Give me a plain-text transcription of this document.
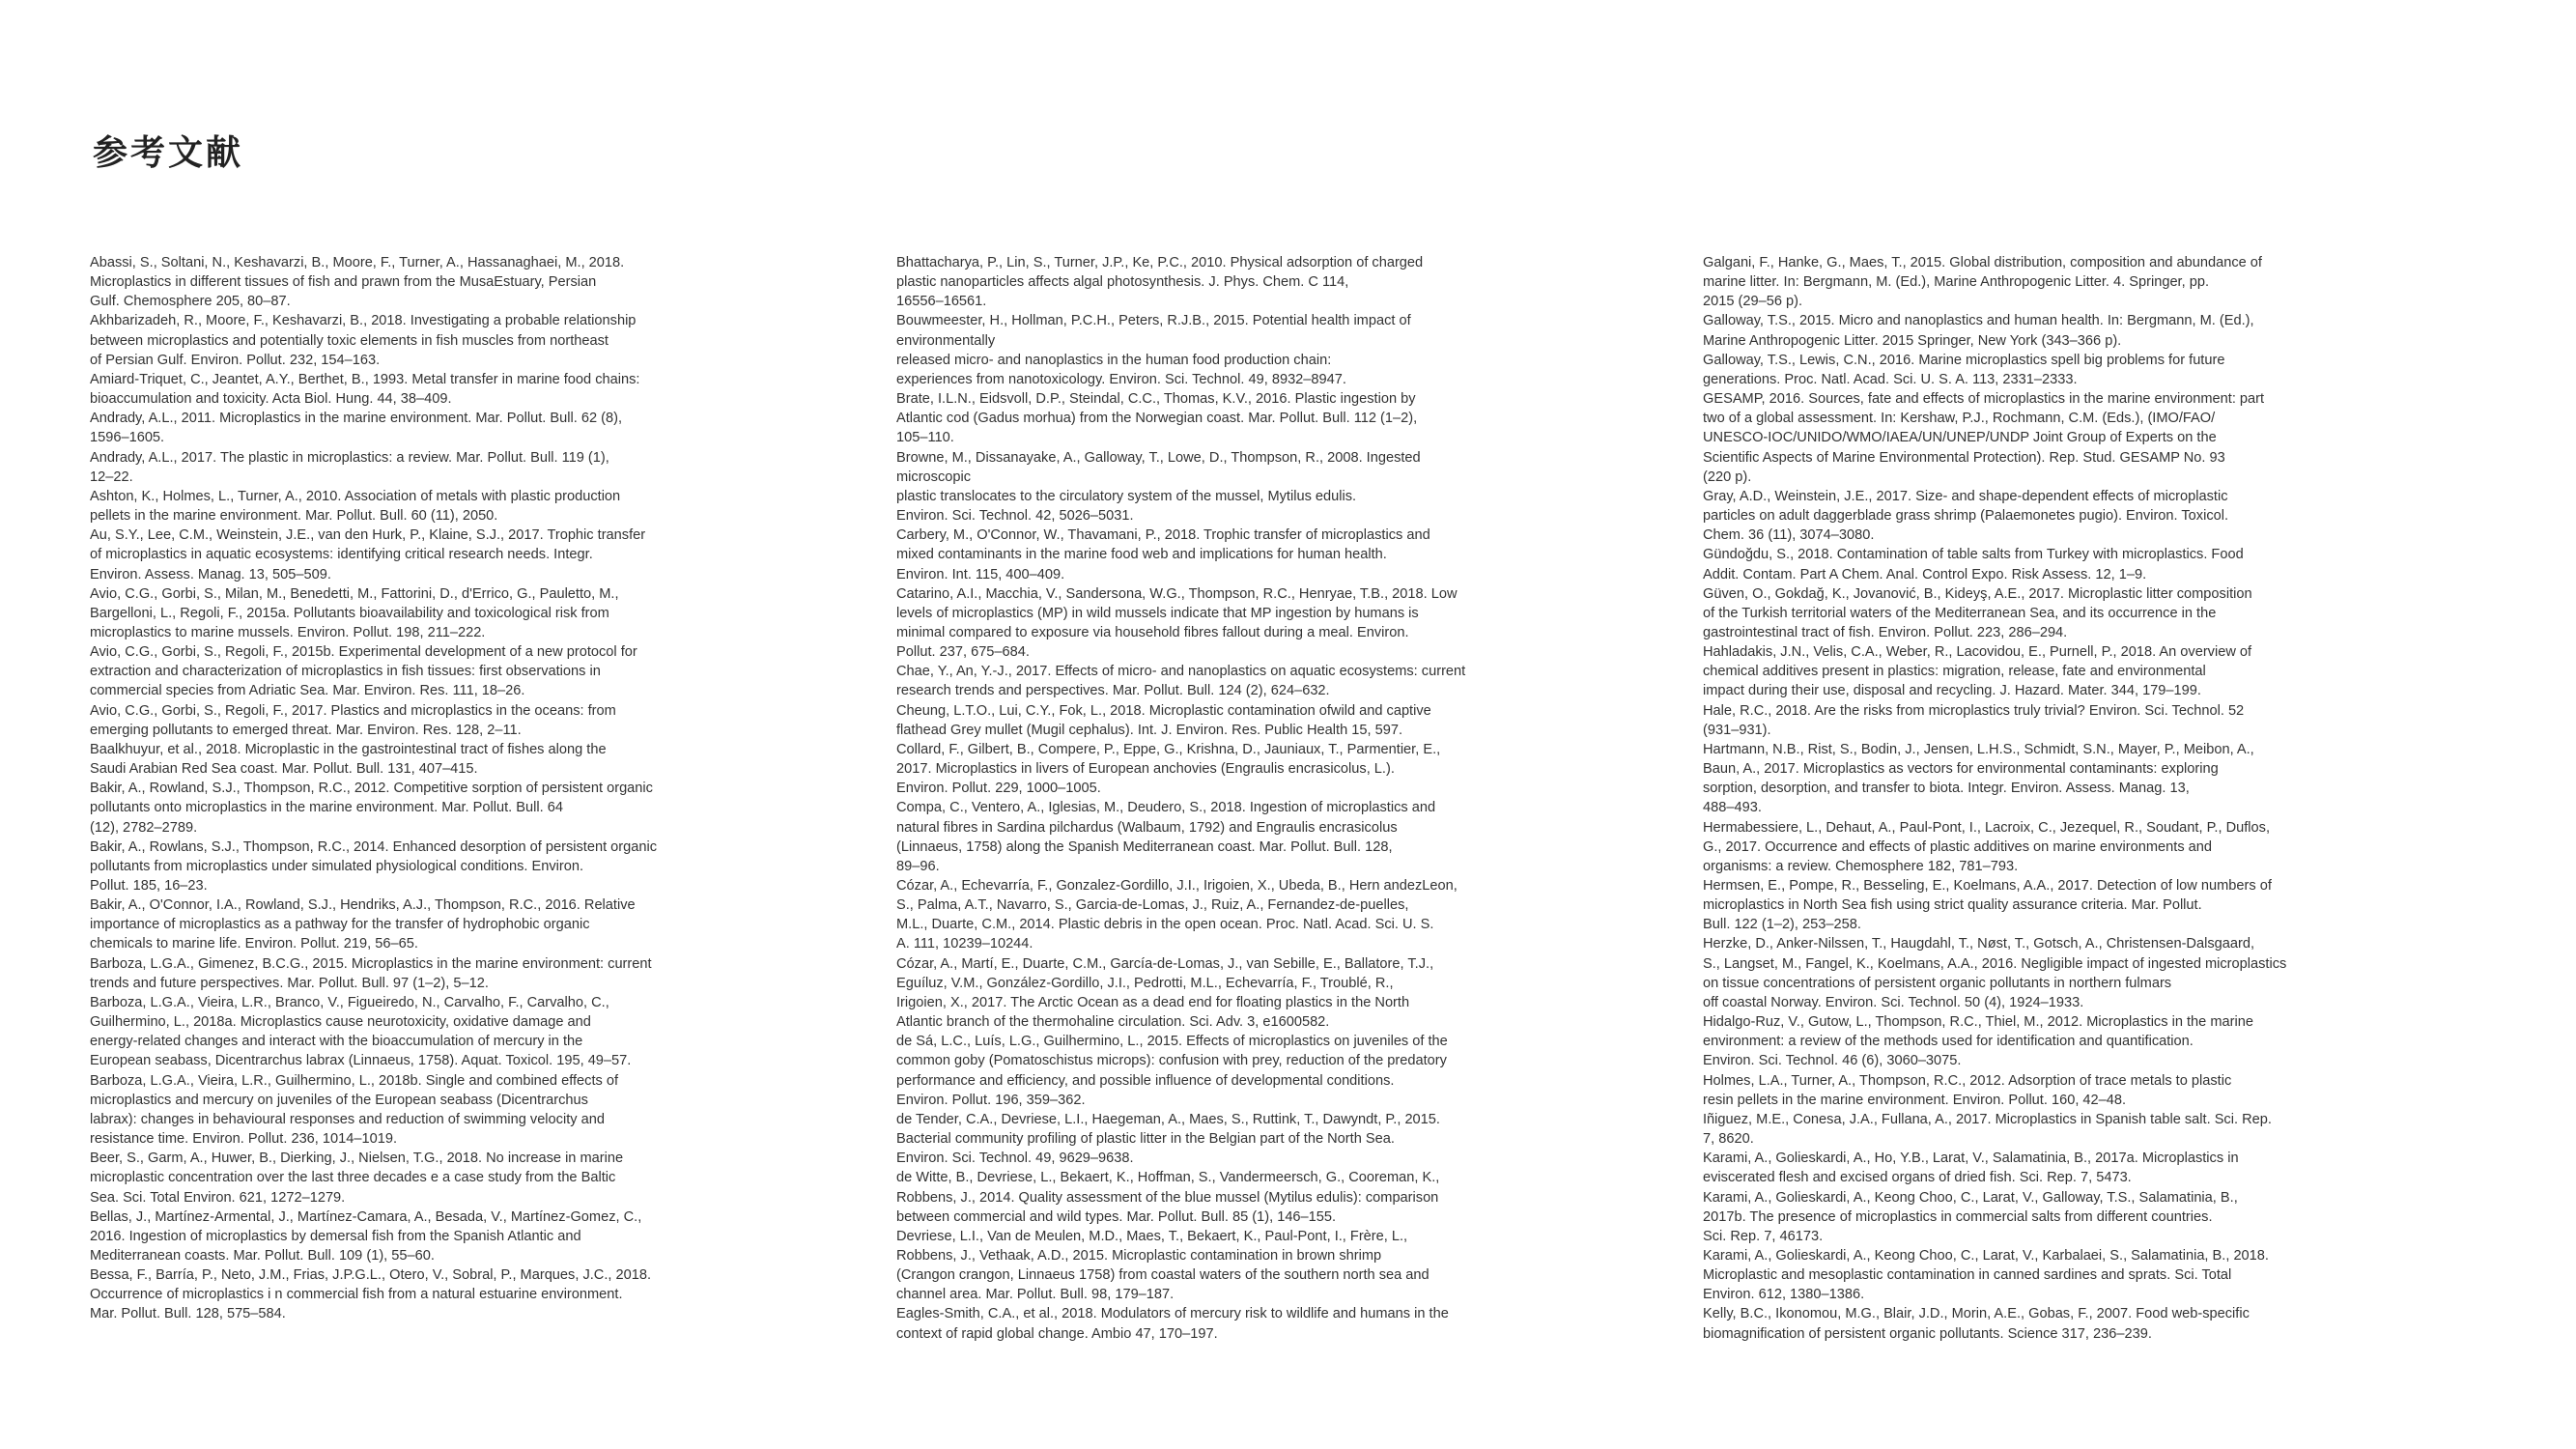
参考文献
Abassi, S., Soltani, N., Keshavarzi, B., Moore, F., Turner, A., Hassanaghaei, M., 2018.
Microplastics in different tissues of fish and prawn from the MusaEstuary, Persian
Gulf. Chemosphere 205, 80–87.
Akhbarizadeh, R., Moore, F., Keshavarzi, B., 2018. Investigating a probable relationship
between microplastics and potentially toxic elements in fish muscles from northeast
of Persian Gulf. Environ. Pollut. 232, 154–163.
Amiard-Triquet, C., Jeantet, A.Y., Berthet, B., 1993. Metal transfer in marine food chains:
bioaccumulation and toxicity. Acta Biol. Hung. 44, 38–409.
Andrady, A.L., 2011. Microplastics in the marine environment. Mar. Pollut. Bull. 62 (8),
1596–1605.
Andrady, A.L., 2017. The plastic in microplastics: a review. Mar. Pollut. Bull. 119 (1),
12–22.
Ashton, K., Holmes, L., Turner, A., 2010. Association of metals with plastic production
pellets in the marine environment. Mar. Pollut. Bull. 60 (11), 2050.
Au, S.Y., Lee, C.M., Weinstein, J.E., van den Hurk, P., Klaine, S.J., 2017. Trophic transfer
of microplastics in aquatic ecosystems: identifying critical research needs. Integr.
Environ. Assess. Manag. 13, 505–509.
Avio, C.G., Gorbi, S., Milan, M., Benedetti, M., Fattorini, D., d'Errico, G., Pauletto, M.,
Bargelloni, L., Regoli, F., 2015a. Pollutants bioavailability and toxicological risk from
microplastics to marine mussels. Environ. Pollut. 198, 211–222.
Avio, C.G., Gorbi, S., Regoli, F., 2015b. Experimental development of a new protocol for
extraction and characterization of microplastics in fish tissues: first observations in
commercial species from Adriatic Sea. Mar. Environ. Res. 111, 18–26.
Avio, C.G., Gorbi, S., Regoli, F., 2017. Plastics and microplastics in the oceans: from
emerging pollutants to emerged threat. Mar. Environ. Res. 128, 2–11.
Baalkhuyur, et al., 2018. Microplastic in the gastrointestinal tract of fishes along the
Saudi Arabian Red Sea coast. Mar. Pollut. Bull. 131, 407–415.
Bakir, A., Rowland, S.J., Thompson, R.C., 2012. Competitive sorption of persistent organic
pollutants onto microplastics in the marine environment. Mar. Pollut. Bull. 64
(12), 2782–2789.
Bakir, A., Rowlans, S.J., Thompson, R.C., 2014. Enhanced desorption of persistent organic
pollutants from microplastics under simulated physiological conditions. Environ.
Pollut. 185, 16–23.
Bakir, A., O'Connor, I.A., Rowland, S.J., Hendriks, A.J., Thompson, R.C., 2016. Relative
importance of microplastics as a pathway for the transfer of hydrophobic organic
chemicals to marine life. Environ. Pollut. 219, 56–65.
Barboza, L.G.A., Gimenez, B.C.G., 2015. Microplastics in the marine environment: current
trends and future perspectives. Mar. Pollut. Bull. 97 (1–2), 5–12.
Barboza, L.G.A., Vieira, L.R., Branco, V., Figueiredo, N., Carvalho, F., Carvalho, C.,
Guilhermino, L., 2018a. Microplastics cause neurotoxicity, oxidative damage and
energy-related changes and interact with the bioaccumulation of mercury in the
European seabass, Dicentrarchus labrax (Linnaeus, 1758). Aquat. Toxicol. 195, 49–57.
Barboza, L.G.A., Vieira, L.R., Guilhermino, L., 2018b. Single and combined effects of
microplastics and mercury on juveniles of the European seabass (Dicentrarchus
labrax): changes in behavioural responses and reduction of swimming velocity and
resistance time. Environ. Pollut. 236, 1014–1019.
Beer, S., Garm, A., Huwer, B., Dierking, J., Nielsen, T.G., 2018. No increase in marine
microplastic concentration over the last three decades e a case study from the Baltic
Sea. Sci. Total Environ. 621, 1272–1279.
Bellas, J., Martínez-Armental, J., Martínez-Camara, A., Besada, V., Martínez-Gomez, C.,
2016. Ingestion of microplastics by demersal fish from the Spanish Atlantic and
Mediterranean coasts. Mar. Pollut. Bull. 109 (1), 55–60.
Bessa, F., Barría, P., Neto, J.M., Frias, J.P.G.L., Otero, V., Sobral, P., Marques, J.C., 2018.
Occurrence of microplastics i n commercial fish from a natural estuarine environment.
Mar. Pollut. Bull. 128, 575–584.
Bhattacharya, P., Lin, S., Turner, J.P., Ke, P.C., 2010. Physical adsorption of charged
plastic nanoparticles affects algal photosynthesis. J. Phys. Chem. C 114,
16556–16561.
Bouwmeester, H., Hollman, P.C.H., Peters, R.J.B., 2015. Potential health impact of
environmentally
released micro- and nanoplastics in the human food production chain:
experiences from nanotoxicology. Environ. Sci. Technol. 49, 8932–8947.
Brate, I.L.N., Eidsvoll, D.P., Steindal, C.C., Thomas, K.V., 2016. Plastic ingestion by
Atlantic cod (Gadus morhua) from the Norwegian coast. Mar. Pollut. Bull. 112 (1–2),
105–110.
Browne, M., Dissanayake, A., Galloway, T., Lowe, D., Thompson, R., 2008. Ingested
microscopic
plastic translocates to the circulatory system of the mussel, Mytilus edulis.
Environ. Sci. Technol. 42, 5026–5031.
Carbery, M., O'Connor, W., Thavamani, P., 2018. Trophic transfer of microplastics and
mixed contaminants in the marine food web and implications for human health.
Environ. Int. 115, 400–409.
Catarino, A.I., Macchia, V., Sandersona, W.G., Thompson, R.C., Henryae, T.B., 2018. Low
levels of microplastics (MP) in wild mussels indicate that MP ingestion by humans is
minimal compared to exposure via household fibres fallout during a meal. Environ.
Pollut. 237, 675–684.
Chae, Y., An, Y.-J., 2017. Effects of micro- and nanoplastics on aquatic ecosystems: current
research trends and perspectives. Mar. Pollut. Bull. 124 (2), 624–632.
Cheung, L.T.O., Lui, C.Y., Fok, L., 2018. Microplastic contamination ofwild and captive
flathead Grey mullet (Mugil cephalus). Int. J. Environ. Res. Public Health 15, 597.
Collard, F., Gilbert, B., Compere, P., Eppe, G., Krishna, D., Jauniaux, T., Parmentier, E.,
2017. Microplastics in livers of European anchovies (Engraulis encrasicolus, L.).
Environ. Pollut. 229, 1000–1005.
Compa, C., Ventero, A., Iglesias, M., Deudero, S., 2018. Ingestion of microplastics and
natural fibres in Sardina pilchardus (Walbaum, 1792) and Engraulis encrasicolus
(Linnaeus, 1758) along the Spanish Mediterranean coast. Mar. Pollut. Bull. 128,
89–96.
Cózar, A., Echevarría, F., Gonzalez-Gordillo, J.I., Irigoien, X., Ubeda, B., Hern andezLeon,
S., Palma, A.T., Navarro, S., Garcia-de-Lomas, J., Ruiz, A., Fernandez-de-puelles,
M.L., Duarte, C.M., 2014. Plastic debris in the open ocean. Proc. Natl. Acad. Sci. U. S.
A. 111, 10239–10244.
Cózar, A., Martí, E., Duarte, C.M., García-de-Lomas, J., van Sebille, E., Ballatore, T.J.,
Eguíluz, V.M., González-Gordillo, J.I., Pedrotti, M.L., Echevarría, F., Troublé, R.,
Irigoien, X., 2017. The Arctic Ocean as a dead end for floating plastics in the North
Atlantic branch of the thermohaline circulation. Sci. Adv. 3, e1600582.
de Sá, L.C., Luís, L.G., Guilhermino, L., 2015. Effects of microplastics on juveniles of the
common goby (Pomatoschistus microps): confusion with prey, reduction of the predatory
performance and efficiency, and possible influence of developmental conditions.
Environ. Pollut. 196, 359–362.
de Tender, C.A., Devriese, L.I., Haegeman, A., Maes, S., Ruttink, T., Dawyndt, P., 2015.
Bacterial community profiling of plastic litter in the Belgian part of the North Sea.
Environ. Sci. Technol. 49, 9629–9638.
de Witte, B., Devriese, L., Bekaert, K., Hoffman, S., Vandermeersch, G., Cooreman, K.,
Robbens, J., 2014. Quality assessment of the blue mussel (Mytilus edulis): comparison
between commercial and wild types. Mar. Pollut. Bull. 85 (1), 146–155.
Devriese, L.I., Van de Meulen, M.D., Maes, T., Bekaert, K., Paul-Pont, I., Frère, L.,
Robbens, J., Vethaak, A.D., 2015. Microplastic contamination in brown shrimp
(Crangon crangon, Linnaeus 1758) from coastal waters of the southern north sea and
channel area. Mar. Pollut. Bull. 98, 179–187.
Eagles-Smith, C.A., et al., 2018. Modulators of mercury risk to wildlife and humans in the
context of rapid global change. Ambio 47, 170–197.
Galgani, F., Hanke, G., Maes, T., 2015. Global distribution, composition and abundance of
marine litter. In: Bergmann, M. (Ed.), Marine Anthropogenic Litter. 4. Springer, pp.
2015 (29–56 p).
Galloway, T.S., 2015. Micro and nanoplastics and human health. In: Bergmann, M. (Ed.),
Marine Anthropogenic Litter. 2015 Springer, New York (343–366 p).
Galloway, T.S., Lewis, C.N., 2016. Marine microplastics spell big problems for future
generations. Proc. Natl. Acad. Sci. U. S. A. 113, 2331–2333.
GESAMP, 2016. Sources, fate and effects of microplastics in the marine environment: part
two of a global assessment. In: Kershaw, P.J., Rochmann, C.M. (Eds.), (IMO/FAO/
UNESCO-IOC/UNIDO/WMO/IAEA/UN/UNEP/UNDP Joint Group of Experts on the
Scientific Aspects of Marine Environmental Protection). Rep. Stud. GESAMP No. 93
(220 p).
Gray, A.D., Weinstein, J.E., 2017. Size- and shape-dependent effects of microplastic
particles on adult daggerblade grass shrimp (Palaemonetes pugio). Environ. Toxicol.
Chem. 36 (11), 3074–3080.
Gündoğdu, S., 2018. Contamination of table salts from Turkey with microplastics. Food
Addit. Contam. Part A Chem. Anal. Control Expo. Risk Assess. 12, 1–9.
Güven, O., Gokdağ, K., Jovanović, B., Kideyş, A.E., 2017. Microplastic litter composition
of the Turkish territorial waters of the Mediterranean Sea, and its occurrence in the
gastrointestinal tract of fish. Environ. Pollut. 223, 286–294.
Hahladakis, J.N., Velis, C.A., Weber, R., Lacovidou, E., Purnell, P., 2018. An overview of
chemical additives present in plastics: migration, release, fate and environmental
impact during their use, disposal and recycling. J. Hazard. Mater. 344, 179–199.
Hale, R.C., 2018. Are the risks from microplastics truly trivial? Environ. Sci. Technol. 52
(931–931).
Hartmann, N.B., Rist, S., Bodin, J., Jensen, L.H.S., Schmidt, S.N., Mayer, P., Meibon, A.,
Baun, A., 2017. Microplastics as vectors for environmental contaminants: exploring
sorption, desorption, and transfer to biota. Integr. Environ. Assess. Manag. 13,
488–493.
Hermabessiere, L., Dehaut, A., Paul-Pont, I., Lacroix, C., Jezequel, R., Soudant, P., Duflos,
G., 2017. Occurrence and effects of plastic additives on marine environments and
organisms: a review. Chemosphere 182, 781–793.
Hermsen, E., Pompe, R., Besseling, E., Koelmans, A.A., 2017. Detection of low numbers of
microplastics in North Sea fish using strict quality assurance criteria. Mar. Pollut.
Bull. 122 (1–2), 253–258.
Herzke, D., Anker-Nilssen, T., Haugdahl, T., Nøst, T., Gotsch, A., Christensen-Dalsgaard,
S., Langset, M., Fangel, K., Koelmans, A.A., 2016. Negligible impact of ingested microplastics
on tissue concentrations of persistent organic pollutants in northern fulmars
off coastal Norway. Environ. Sci. Technol. 50 (4), 1924–1933.
Hidalgo-Ruz, V., Gutow, L., Thompson, R.C., Thiel, M., 2012. Microplastics in the marine
environment: a review of the methods used for identification and quantification.
Environ. Sci. Technol. 46 (6), 3060–3075.
Holmes, L.A., Turner, A., Thompson, R.C., 2012. Adsorption of trace metals to plastic
resin pellets in the marine environment. Environ. Pollut. 160, 42–48.
Iñiguez, M.E., Conesa, J.A., Fullana, A., 2017. Microplastics in Spanish table salt. Sci. Rep.
7, 8620.
Karami, A., Golieskardi, A., Ho, Y.B., Larat, V., Salamatinia, B., 2017a. Microplastics in
eviscerated flesh and excised organs of dried fish. Sci. Rep. 7, 5473.
Karami, A., Golieskardi, A., Keong Choo, C., Larat, V., Galloway, T.S., Salamatinia, B.,
2017b. The presence of microplastics in commercial salts from different countries.
Sci. Rep. 7, 46173.
Karami, A., Golieskardi, A., Keong Choo, C., Larat, V., Karbalaei, S., Salamatinia, B., 2018.
Microplastic and mesoplastic contamination in canned sardines and sprats. Sci. Total
Environ. 612, 1380–1386.
Kelly, B.C., Ikonomou, M.G., Blair, J.D., Morin, A.E., Gobas, F., 2007. Food web-specific
biomagnification of persistent organic pollutants. Science 317, 236–239.
